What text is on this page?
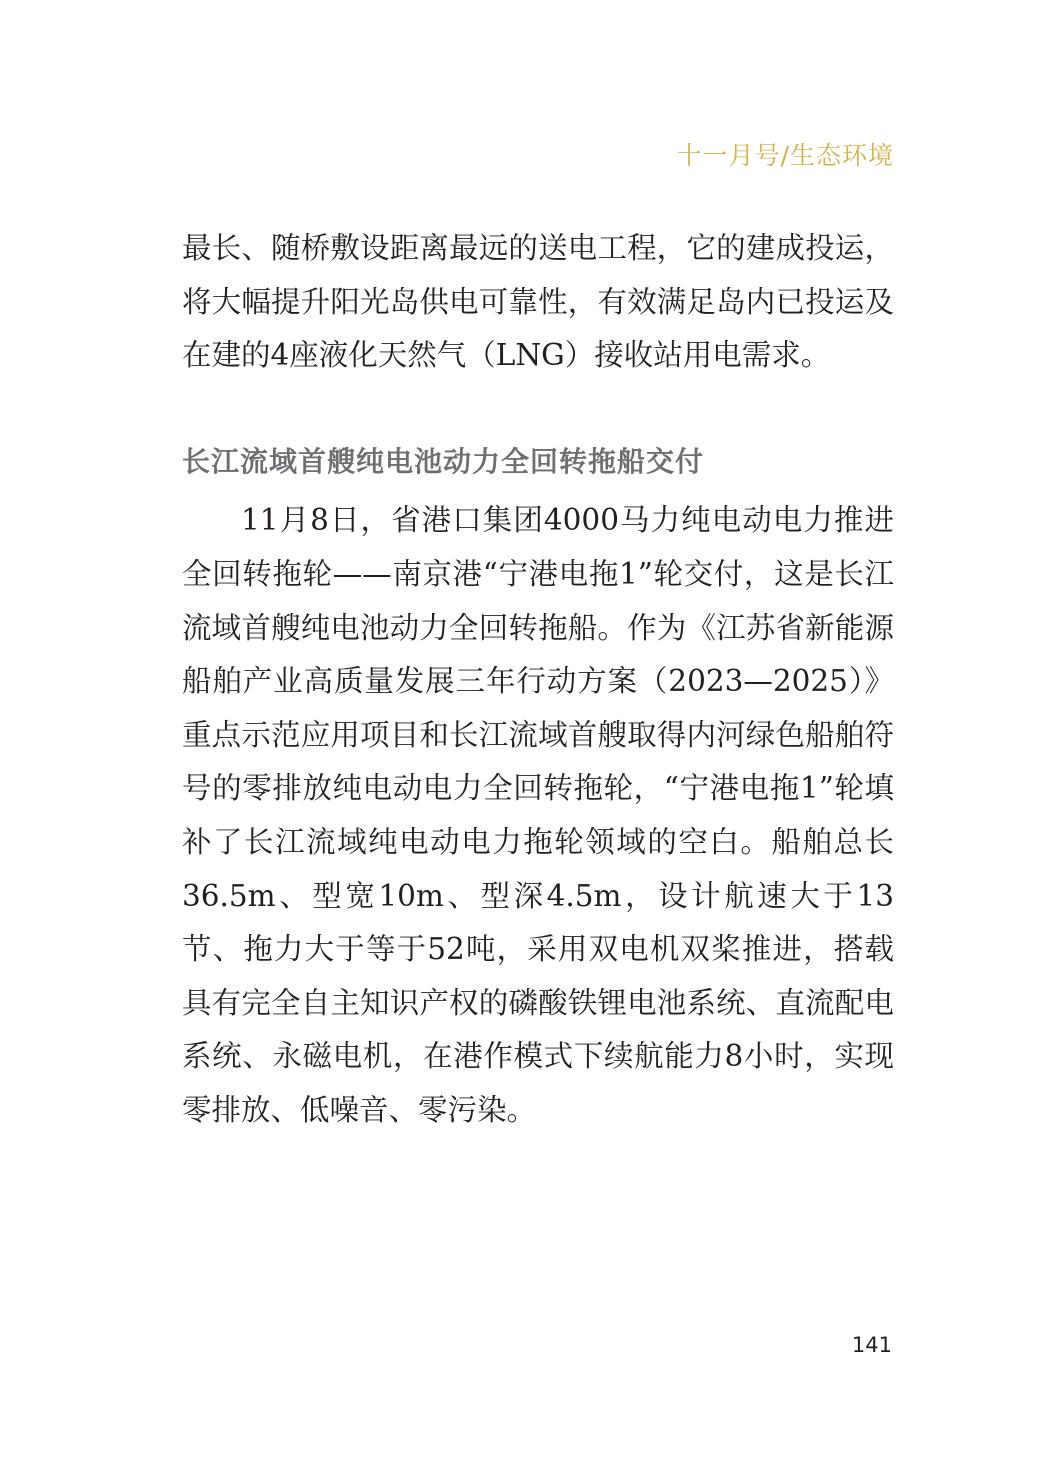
十一月号/生态环境

最长、随桥敷设距离最远的送电工程，它的建成投运，将大幅提升阳光岛供电可靠性，有效满足岛内已投运及在建的4座液化天然气（LNG）接收站用电需求。

长江流域首艘纯电池动力全回转拖船交付

11月8日，省港口集团4000马力纯电动电力推进全回转拖轮——南京港“宁港电拖1”轮交付，这是长江流域首艘纯电池动力全回转拖船。作为《江苏省新能源船舶产业高质量发展三年行动方案（2023—2025）》重点示范应用项目和长江流域首艘取得内河绿色船舶符号的零排放纯电动电力全回转拖轮，“宁港电拖1”轮填补了长江流域纯电动电力拖轮领域的空白。船舶总长36.5m、型宽10m、型深4.5m，设计航速大于13节、拖力大于等于52吨，采用双电机双桨推进，搭载具有完全自主知识产权的磷酸铁锂电池系统、直流配电系统、永磁电机，在港作模式下续航能力8小时，实现零排放、低噪音、零污染。

141
